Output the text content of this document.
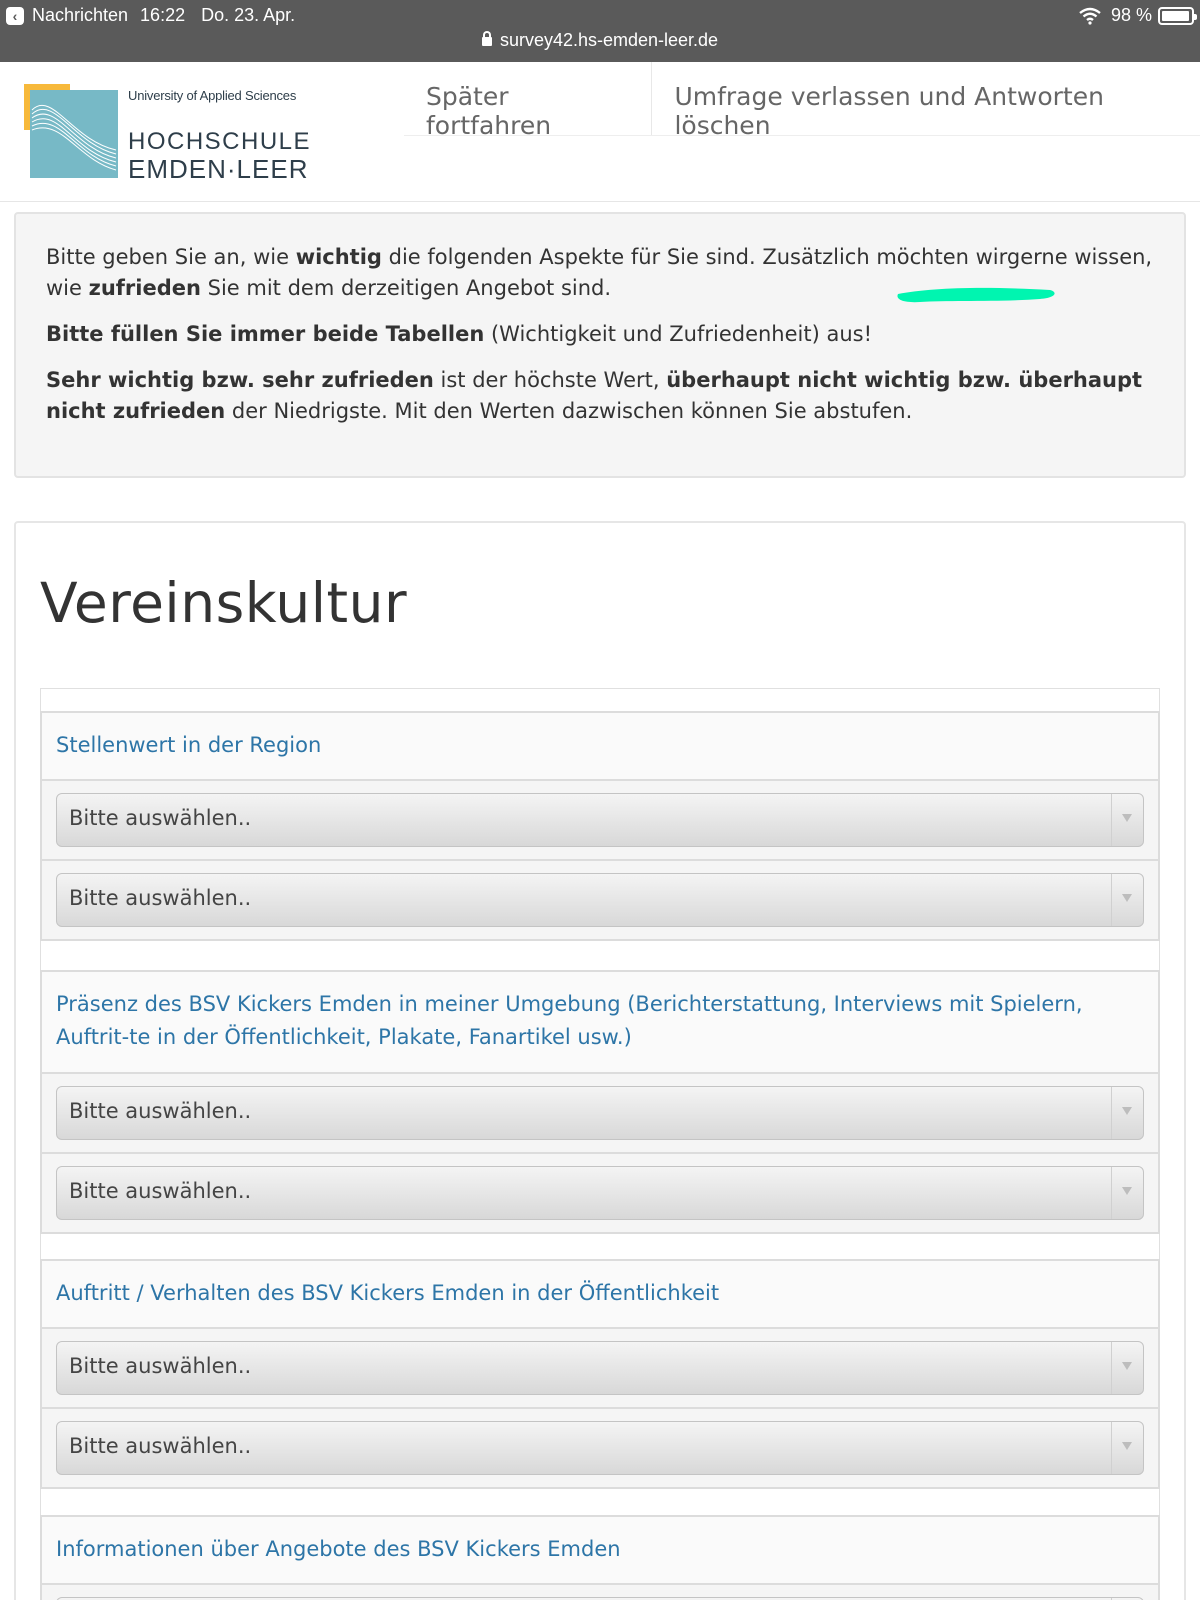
‹ Nachrichten 16:22 Do. 23. Apr.	98 %
survey42.hs-emden-leer.de
University of Applied Sciences
HOCHSCHULE
EMDEN·LEER
Später fortfahren
Umfrage verlassen und Antworten löschen

Bitte geben Sie an, wie wichtig die folgenden Aspekte für Sie sind. Zusätzlich möchten wirgerne wissen, wie zufrieden Sie mit dem derzeitigen Angebot sind.

Bitte füllen Sie immer beide Tabellen (Wichtigkeit und Zufriedenheit) aus!

Sehr wichtig bzw. sehr zufrieden ist der höchste Wert, überhaupt nicht wichtig bzw. überhaupt nicht zufrieden der Niedrigste. Mit den Werten dazwischen können Sie abstufen.

Vereinskultur
Stellenwert in der Region
Bitte auswählen..
Bitte auswählen..
Präsenz des BSV Kickers Emden in meiner Umgebung (Berichterstattung, Interviews mit Spielern, Auftrit-te in der Öffentlichkeit, Plakate, Fanartikel usw.)
Bitte auswählen..
Bitte auswählen..
Auftritt / Verhalten des BSV Kickers Emden in der Öffentlichkeit
Bitte auswählen..
Bitte auswählen..
Informationen über Angebote des BSV Kickers Emden
